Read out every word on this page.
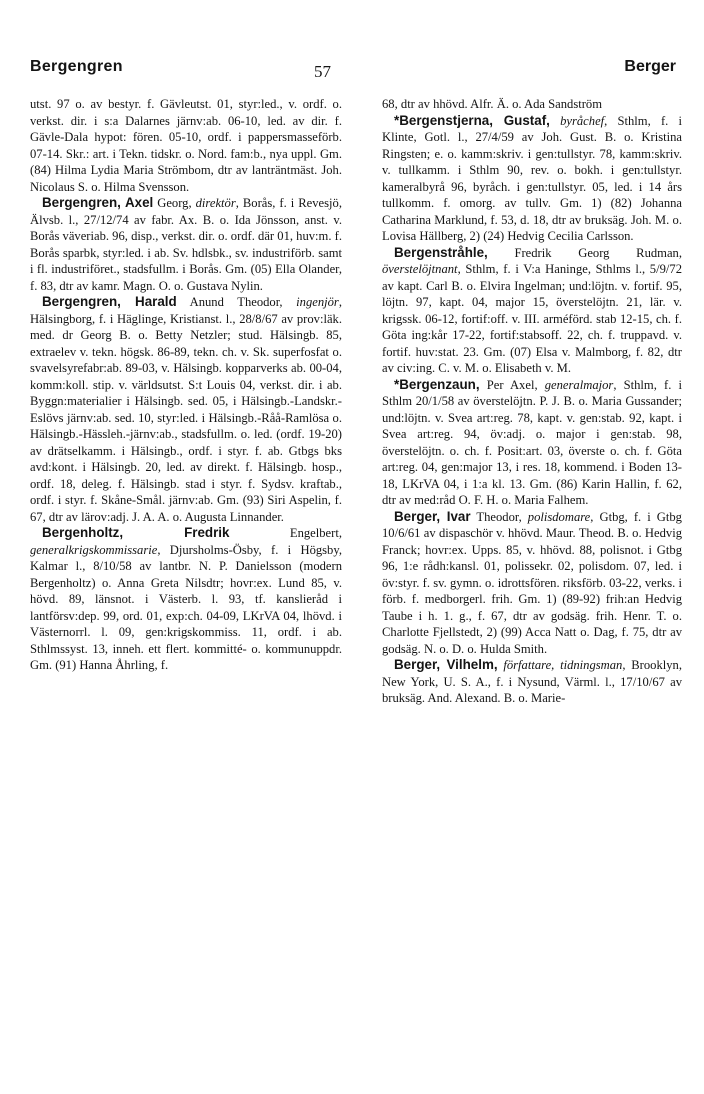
Bergengren	57	Berger

utst. 97 o. av bestyr. f. Gävleutst. 01, styr:led., v. ordf. o. verkst. dir. i s:a Dalarnes järnv:ab. 06-10, led. av dir. f. Gävle-Dala hypot: fören. 05-10, ordf. i pappersmasseförb. 07-14. Skr.: art. i Tekn. tidskr. o. Nord. fam:b., nya uppl. Gm. (84) Hilma Lydia Maria Strömbom, dtr av lanträntmäst. Joh. Nicolaus S. o. Hilma Svensson.

Bergengren, Axel Georg, direktör, Borås, f. i Revesjö, Älvsb. l., 27/12/74 av fabr. Ax. B. o. Ida Jönsson, anst. v. Borås väveriab. 96, disp., verkst. dir. o. ordf. där 01, huv:m. f. Borås sparbk, styr:led. i ab. Sv. hdlsbk., sv. industriförb. samt i fl. industriföret., stadsfullm. i Borås. Gm. (05) Ella Olander, f. 83, dtr av kamr. Magn. O. o. Gustava Nylin.

Bergengren, Harald Anund Theodor, ingenjör, Hälsingborg, f. i Häglinge, Kristianst. l., 28/8/67 av prov:läk. med. dr Georg B. o. Betty Netzler; stud. Hälsingb. 85, extraelev v. tekn. högsk. 86-89, tekn. ch. v. Sk. superfosfat o. svavelsyrefabr:ab. 89-03, v. Hälsingb. kopparverks ab. 00-04, komm:koll. stip. v. världsutst. S:t Louis 04, verkst. dir. i ab. Byggn:materialier i Hälsingb. sed. 05, i Hälsingb.-Landskr.-Eslövs järnv:ab. sed. 10, styr:led. i Hälsingb.-Råå-Ramlösa o. Hälsingb.-Hässleh.-järnv:ab., stadsfullm. o. led. (ordf. 19-20) av drätselkamm. i Hälsingb., ordf. i styr. f. ab. Gtbgs bks avd:kont. i Hälsingb. 20, led. av direkt. f. Hälsingb. hosp., ordf. 18, deleg. f. Hälsingb. stad i styr. f. Sydsv. kraftab., ordf. i styr. f. Skåne-Smål. järnv:ab. Gm. (93) Siri Aspelin, f. 67, dtr av lärov:adj. J. A. A. o. Augusta Linnander.

Bergenholtz, Fredrik Engelbert, generalkrigskommissarie, Djursholms-Ösby, f. i Högsby, Kalmar l., 8/10/58 av lantbr. N. P. Danielsson (modern Bergenholtz) o. Anna Greta Nilsdtr; hovr:ex. Lund 85, v. hövd. 89, länsnot. i Västerb. l. 93, tf. kanslieråd i lantförsv:dep. 99, ord. 01, exp:ch. 04-09, LKrVA 04, lhövd. i Västernorrl. l. 09, gen:krigskommiss. 11, ordf. i ab. Sthlmssyst. 13, inneh. ett flert. kommitté- o. kommunuppdr. Gm. (91) Hanna Åhrling, f.

68, dtr av hhövd. Alfr. Ä. o. Ada Sandström

*Bergenstjerna, Gustaf, byråchef, Sthlm, f. i Klinte, Gotl. l., 27/4/59 av Joh. Gust. B. o. Kristina Ringsten; e. o. kamm:skriv. i gen:tullstyr. 78, kamm:skriv. v. tullkamm. i Sthlm 90, rev. o. bokh. i gen:tullstyr. kameralbyrå 96, byråch. i gen:tullstyr. 05, led. i 14 års tullkomm. f. omorg. av tullv. Gm. 1) (82) Johanna Catharina Marklund, f. 53, d. 18, dtr av bruksäg. Joh. M. o. Lovisa Hällberg, 2) (24) Hedvig Cecilia Carlsson.

Bergenstråhle, Fredrik Georg Rudman, överstelöjtnant, Sthlm, f. i V:a Haninge, Sthlms l., 5/9/72 av kapt. Carl B. o. Elvira Ingelman; und:löjtn. v. fortif. 95, löjtn. 97, kapt. 04, major 15, överstelöjtn. 21, lär. v. krigssk. 06-12, fortif:off. v. III. arméförd. stab 12-15, ch. f. Göta ing:kår 17-22, fortif:stabsoff. 22, ch. f. truppavd. v. fortif. huv:stat. 23. Gm. (07) Elsa v. Malmborg, f. 82, dtr av civ:ing. C. v. M. o. Elisabeth v. M.

*Bergenzaun, Per Axel, generalmajor, Sthlm, f. i Sthlm 20/1/58 av överstelöjtn. P. J. B. o. Maria Gussander; und:löjtn. v. Svea art:reg. 78, kapt. v. gen:stab. 92, kapt. i Svea art:reg. 94, öv:adj. o. major i gen:stab. 98, överstelöjtn. o. ch. f. Posit:art. 03, överste o. ch. f. Göta art:reg. 04, gen:major 13, i res. 18, kommend. i Boden 13-18, LKrVA 04, i 1:a kl. 13. Gm. (86) Karin Hallin, f. 62, dtr av med:råd O. F. H. o. Maria Falhem.

Berger, Ivar Theodor, polisdomare, Gtbg, f. i Gtbg 10/6/61 av dispaschör v. hhövd. Maur. Theod. B. o. Hedvig Franck; hovr:ex. Upps. 85, v. hhövd. 88, polisnot. i Gtbg 96, 1:e rådh:kansl. 01, polissekr. 02, polisdom. 07, led. i öv:styr. f. sv. gymn. o. idrottsfören. riksförb. 03-22, verks. i förb. f. medborgerl. frih. Gm. 1) (89-92) frih:an Hedvig Taube i h. 1. g., f. 67, dtr av godsäg. frih. Henr. T. o. Charlotte Fjellstedt, 2) (99) Acca Natt o. Dag, f. 75, dtr av godsäg. N. o. D. o. Hulda Smith.

Berger, Vilhelm, författare, tidningsman, Brooklyn, New York, U. S. A., f. i Nysund, Värml. l., 17/10/67 av bruksäg. And. Alexand. B. o. Marie-
